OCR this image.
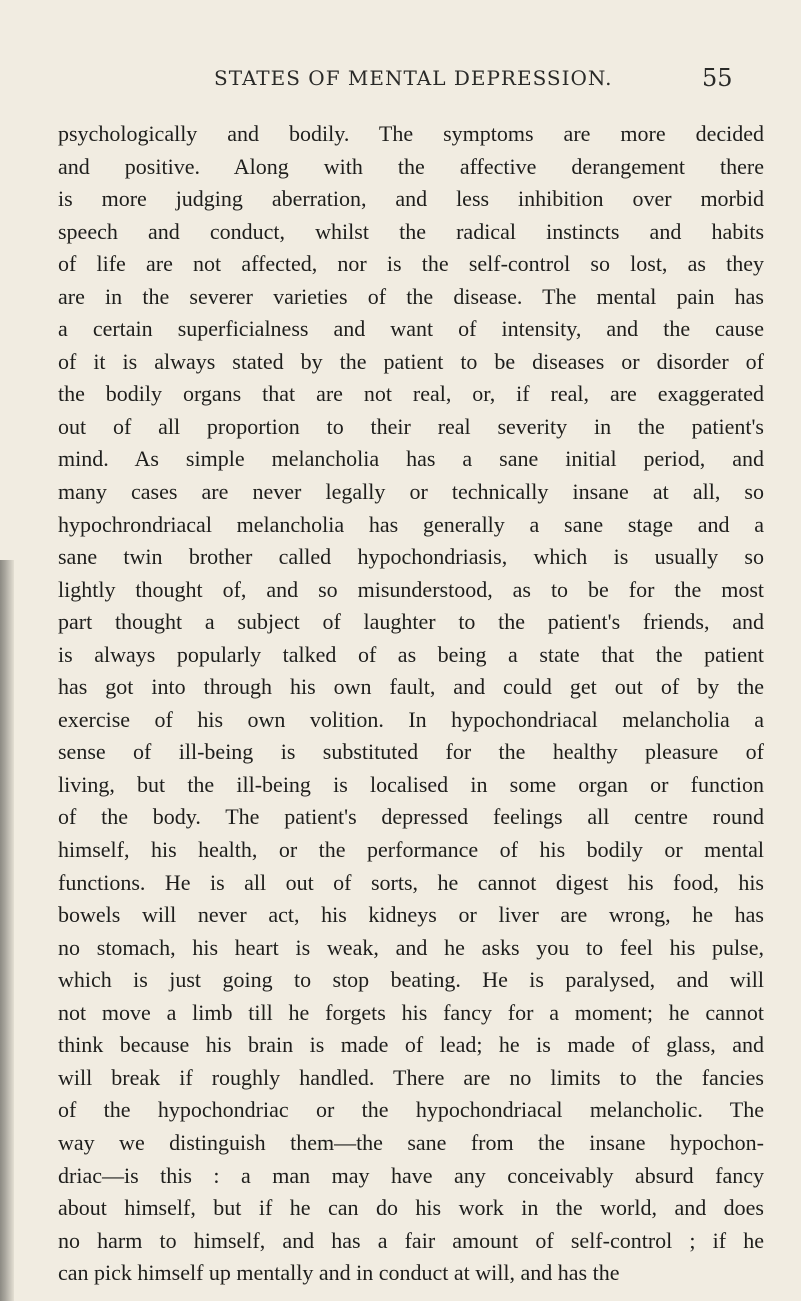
STATES OF MENTAL DEPRESSION.	55
psychologically and bodily. The symptoms are more decided
and positive. Along with the affective derangement there
is more judging aberration, and less inhibition over morbid
speech and conduct, whilst the radical instincts and habits
of life are not affected, nor is the self-control so lost, as they
are in the severer varieties of the disease. The mental pain has
a certain superficialness and want of intensity, and the cause
of it is always stated by the patient to be diseases or disorder of
the bodily organs that are not real, or, if real, are exaggerated
out of all proportion to their real severity in the patient's
mind. As simple melancholia has a sane initial period, and
many cases are never legally or technically insane at all, so
hypochrondriacal melancholia has generally a sane stage and a
sane twin brother called hypochondriasis, which is usually so
lightly thought of, and so misunderstood, as to be for the most
part thought a subject of laughter to the patient's friends, and
is always popularly talked of as being a state that the patient
has got into through his own fault, and could get out of by the
exercise of his own volition. In hypochondriacal melancholia a
sense of ill-being is substituted for the healthy pleasure of
living, but the ill-being is localised in some organ or function
of the body. The patient's depressed feelings all centre round
himself, his health, or the performance of his bodily or mental
functions. He is all out of sorts, he cannot digest his food, his
bowels will never act, his kidneys or liver are wrong, he has
no stomach, his heart is weak, and he asks you to feel his pulse,
which is just going to stop beating. He is paralysed, and will
not move a limb till he forgets his fancy for a moment; he cannot
think because his brain is made of lead; he is made of glass, and
will break if roughly handled. There are no limits to the fancies
of the hypochondriac or the hypochondriacal melancholic. The
way we distinguish them—the sane from the insane hypochon-
driac—is this : a man may have any conceivably absurd fancy
about himself, but if he can do his work in the world, and does
no harm to himself, and has a fair amount of self-control ; if he
can pick himself up mentally and in conduct at will, and has the
